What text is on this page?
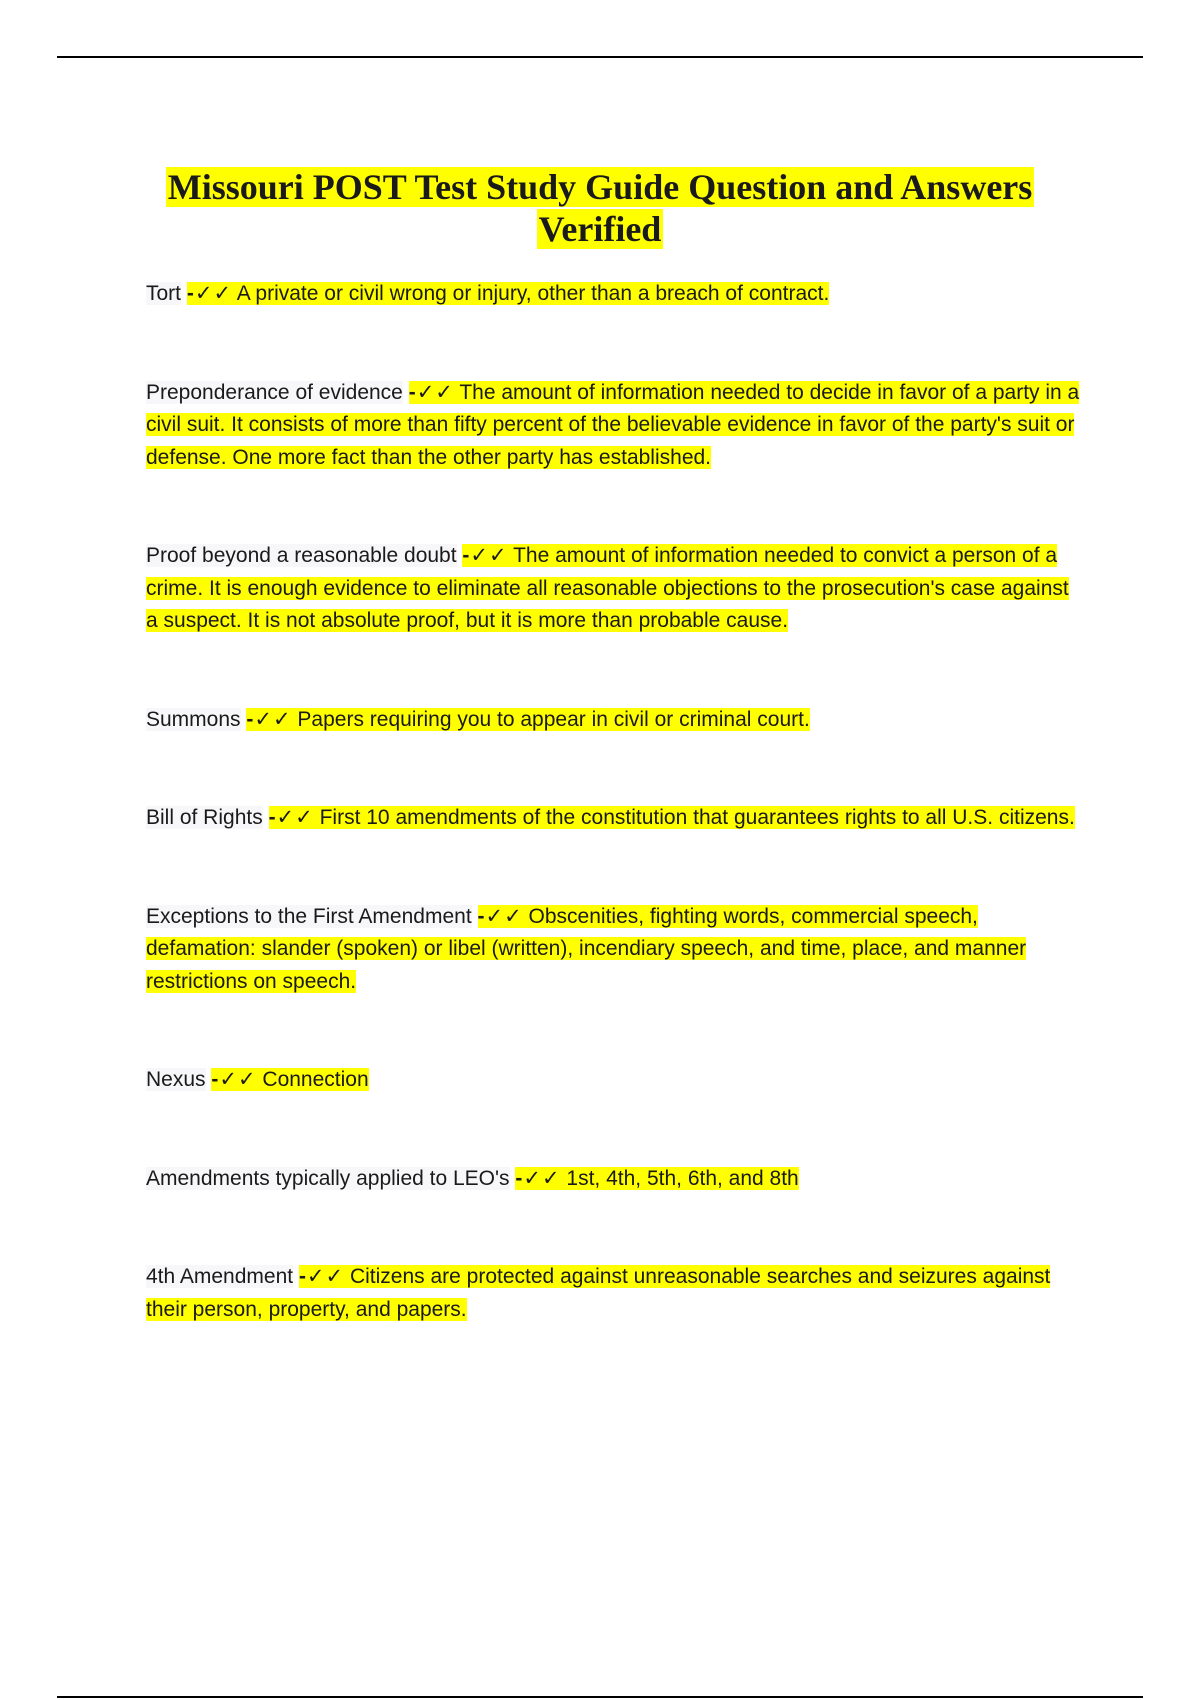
Missouri POST Test Study Guide Question and Answers
Verified

Tort -✓✓ A private or civil wrong or injury, other than a breach of contract.

Preponderance of evidence -✓✓ The amount of information needed to decide in favor of a party in a civil suit. It consists of more than fifty percent of the believable evidence in favor of the party's suit or defense. One more fact than the other party has established.

Proof beyond a reasonable doubt -✓✓ The amount of information needed to convict a person of a crime. It is enough evidence to eliminate all reasonable objections to the prosecution's case against a suspect. It is not absolute proof, but it is more than probable cause.

Summons -✓✓ Papers requiring you to appear in civil or criminal court.

Bill of Rights -✓✓ First 10 amendments of the constitution that guarantees rights to all U.S. citizens.

Exceptions to the First Amendment -✓✓ Obscenities, fighting words, commercial speech, defamation: slander (spoken) or libel (written), incendiary speech, and time, place, and manner restrictions on speech.

Nexus -✓✓ Connection

Amendments typically applied to LEO's -✓✓ 1st, 4th, 5th, 6th, and 8th

4th Amendment -✓✓ Citizens are protected against unreasonable searches and seizures against their person, property, and papers.
